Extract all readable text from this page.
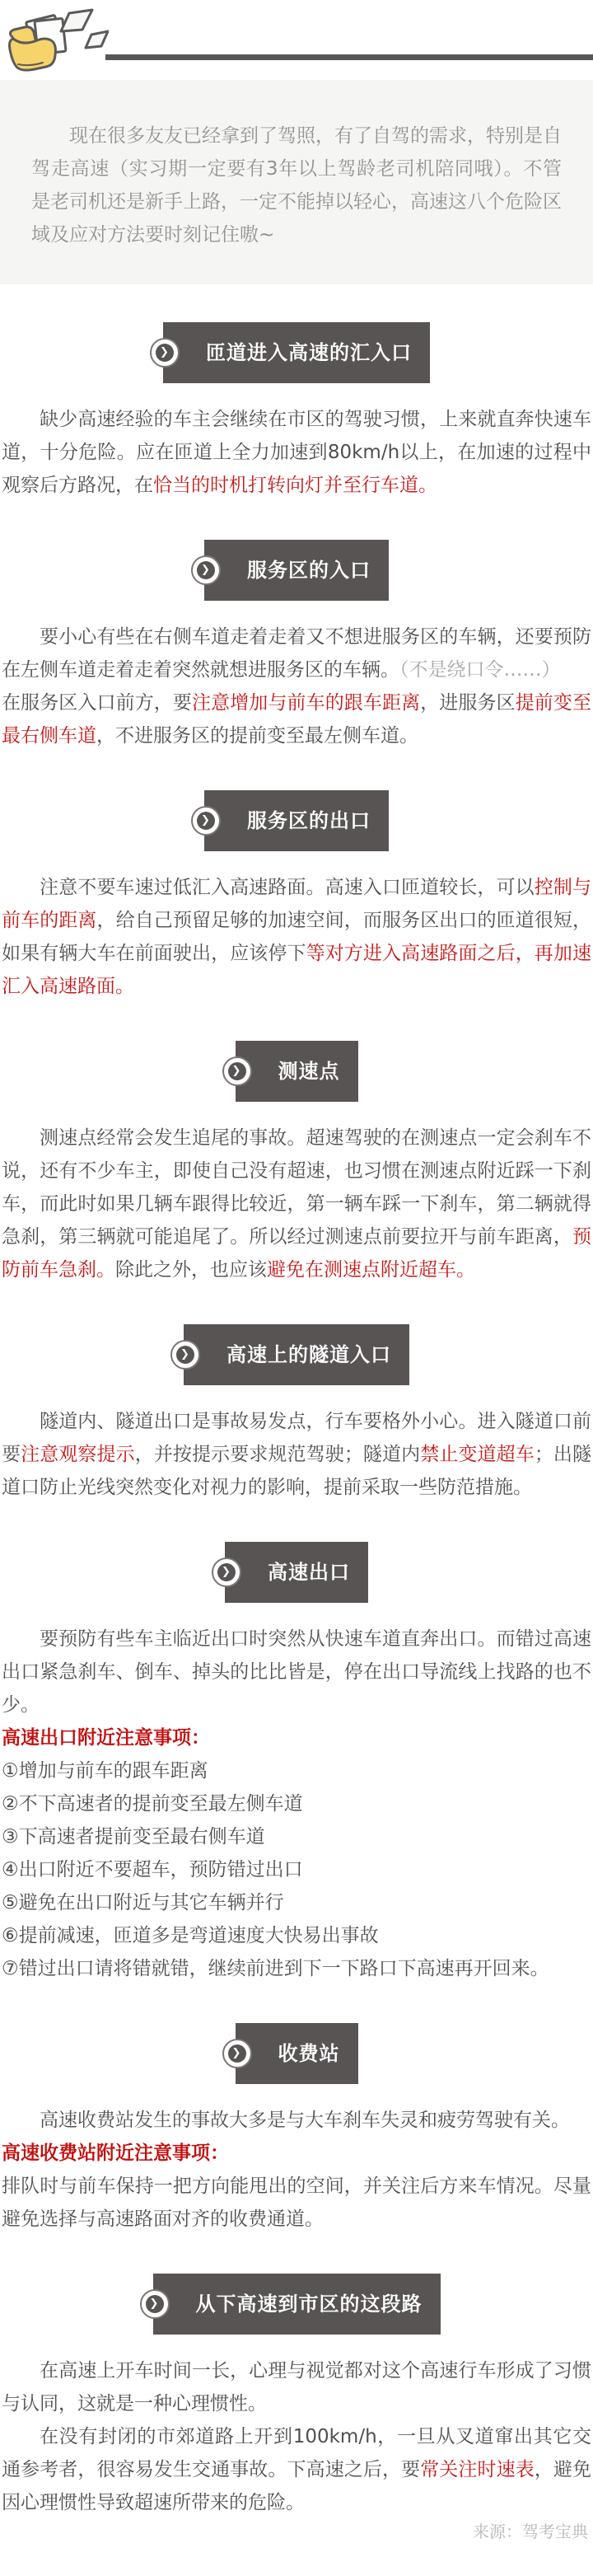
现在很多友友已经拿到了驾照，有了自驾的需求，特别是自驾走高速（实习期一定要有3年以上驾龄老司机陪同哦）。不管是老司机还是新手上路，一定不能掉以轻心，高速这八个危险区域及应对方法要时刻记住嗷~
❯ 匝道进入高速的汇入口

缺少高速经验的车主会继续在市区的驾驶习惯，上来就直奔快速车道，十分危险。应在匝道上全力加速到80km/h以上，在加速的过程中观察后方路况，在恰当的时机打转向灯并至行车道。

❯ 服务区的入口

要小心有些在右侧车道走着走着又不想进服务区的车辆，还要预防在左侧车道走着走着突然就想进服务区的车辆。（不是绕口令……）

在服务区入口前方，要注意增加与前车的跟车距离，进服务区提前变至最右侧车道，不进服务区的提前变至最左侧车道。

❯ 服务区的出口

注意不要车速过低汇入高速路面。高速入口匝道较长，可以控制与前车的距离，给自己预留足够的加速空间，而服务区出口的匝道很短，如果有辆大车在前面驶出，应该停下等对方进入高速路面之后，再加速汇入高速路面。

❯ 测速点

测速点经常会发生追尾的事故。超速驾驶的在测速点一定会刹车不说，还有不少车主，即使自己没有超速，也习惯在测速点附近踩一下刹车，而此时如果几辆车跟得比较近，第一辆车踩一下刹车，第二辆就得急刹，第三辆就可能追尾了。所以经过测速点前要拉开与前车距离，预防前车急刹。除此之外，也应该避免在测速点附近超车。

❯ 高速上的隧道入口

隧道内、隧道出口是事故易发点，行车要格外小心。进入隧道口前要注意观察提示，并按提示要求规范驾驶；隧道内禁止变道超车；出隧道口防止光线突然变化对视力的影响，提前采取一些防范措施。

❯ 高速出口

要预防有些车主临近出口时突然从快速车道直奔出口。而错过高速出口紧急刹车、倒车、掉头的比比皆是，停在出口导流线上找路的也不少。

高速出口附近注意事项：

①增加与前车的跟车距离

②不下高速者的提前变至最左侧车道

③下高速者提前变至最右侧车道

④出口附近不要超车，预防错过出口

⑤避免在出口附近与其它车辆并行

⑥提前减速，匝道多是弯道速度大快易出事故

⑦错过出口请将错就错，继续前进到下一下路口下高速再开回来。

❯ 收费站

高速收费站发生的事故大多是与大车刹车失灵和疲劳驾驶有关。

高速收费站附近注意事项：

排队时与前车保持一把方向能甩出的空间，并关注后方来车情况。尽量避免选择与高速路面对齐的收费通道。

❯ 从下高速到市区的这段路

在高速上开车时间一长，心理与视觉都对这个高速行车形成了习惯与认同，这就是一种心理惯性。

在没有封闭的市郊道路上开到100km/h，一旦从叉道窜出其它交通参考者，很容易发生交通事故。下高速之后，要常关注时速表，避免因心理惯性导致超速所带来的危险。

来源：驾考宝典
